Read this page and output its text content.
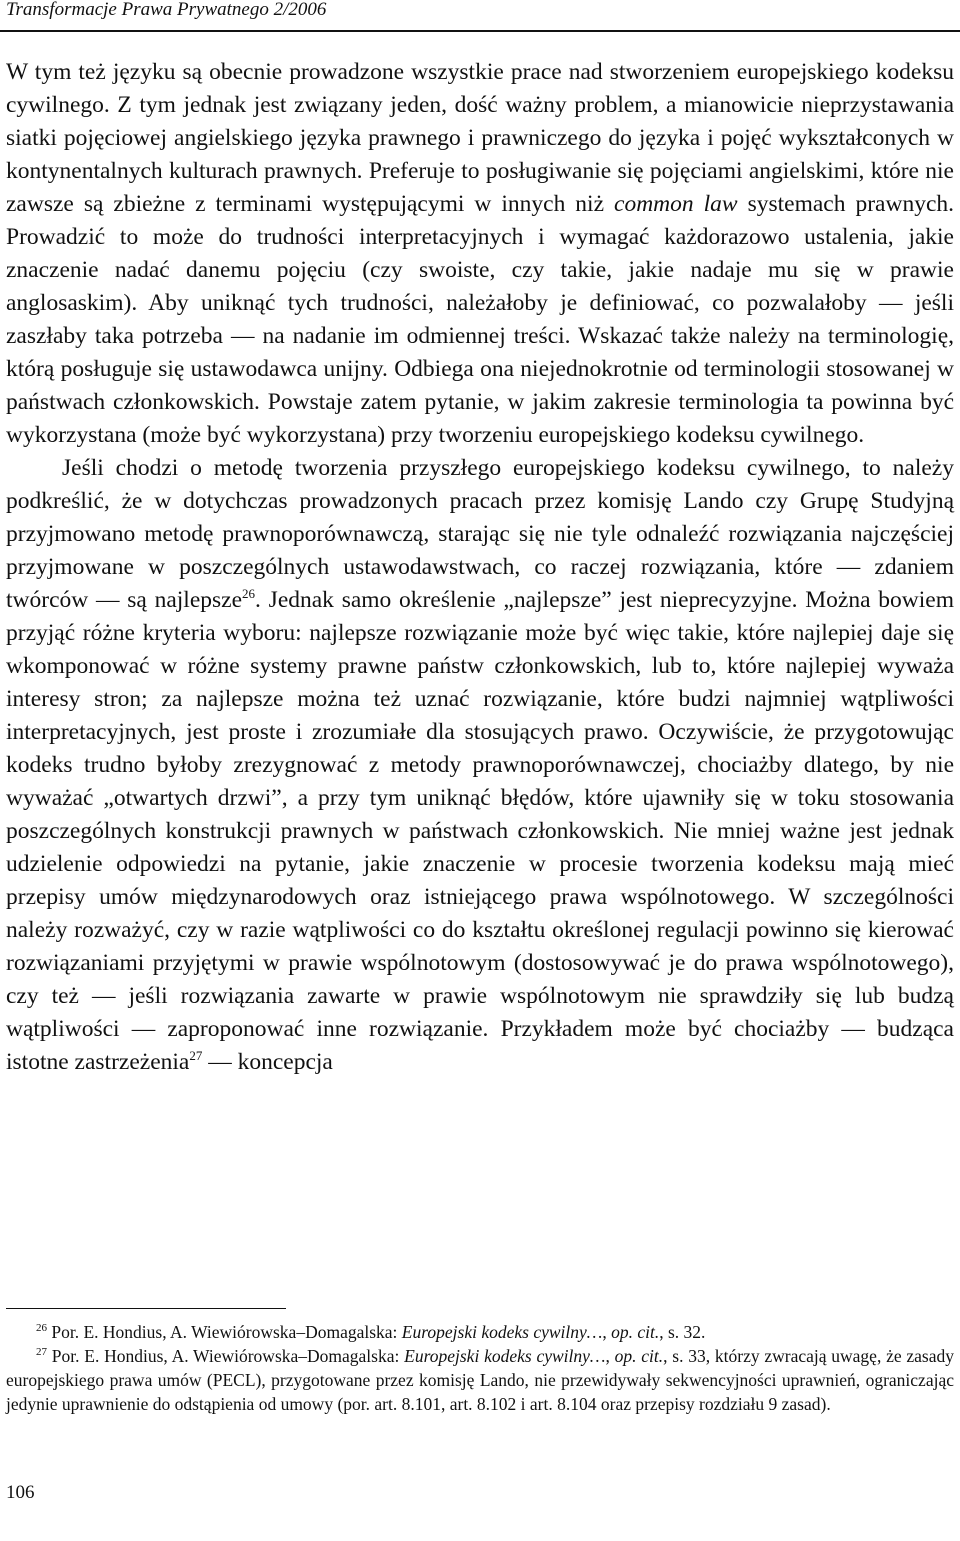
Transformacje Prawa Prywatnego 2/2006

W tym też języku są obecnie prowadzone wszystkie prace nad stworzeniem europejskiego kodeksu cywilnego. Z tym jednak jest związany jeden, dość ważny problem, a mianowicie nieprzystawania siatki pojęciowej angielskiego języka prawnego i prawniczego do języka i pojęć wykształconych w kontynentalnych kulturach prawnych. Preferuje to posługiwanie się pojęciami angielskimi, które nie zawsze są zbieżne z terminami występującymi w innych niż common law systemach prawnych. Prowadzić to może do trudności interpretacyjnych i wymagać każdorazowo ustalenia, jakie znaczenie nadać danemu pojęciu (czy swoiste, czy takie, jakie nadaje mu się w prawie anglosaskim). Aby uniknąć tych trudności, należałoby je definiować, co pozwalałoby — jeśli zaszłaby taka potrzeba — na nadanie im odmiennej treści. Wskazać także należy na terminologię, którą posługuje się ustawodawca unijny. Odbiega ona niejednokrotnie od terminologii stosowanej w państwach członkowskich. Powstaje zatem pytanie, w jakim zakresie terminologia ta powinna być wykorzystana (może być wykorzystana) przy tworzeniu europejskiego kodeksu cywilnego.

Jeśli chodzi o metodę tworzenia przyszłego europejskiego kodeksu cywilnego, to należy podkreślić, że w dotychczas prowadzonych pracach przez komisję Lando czy Grupę Studyjną przyjmowano metodę prawnoporównawczą, starając się nie tyle odnaleźć rozwiązania najczęściej przyjmowane w poszczególnych ustawodawstwach, co raczej rozwiązania, które — zdaniem twórców — są najlepsze$^{26}$. Jednak samo określenie „najlepsze” jest nieprecyzyjne. Można bowiem przyjąć różne kryteria wyboru: najlepsze rozwiązanie może być więc takie, które najlepiej daje się wkomponować w różne systemy prawne państw członkowskich, lub to, które najlepiej wyważa interesy stron; za najlepsze można też uznać rozwiązanie, które budzi najmniej wątpliwości interpretacyjnych, jest proste i zrozumiałe dla stosujących prawo. Oczywiście, że przygotowując kodeks trudno byłoby zrezygnować z metody prawnoporównawczej, chociażby dlatego, by nie wyważać „otwartych drzwi”, a przy tym uniknąć błędów, które ujawniły się w toku stosowania poszczególnych konstrukcji prawnych w państwach członkowskich. Nie mniej ważne jest jednak udzielenie odpowiedzi na pytanie, jakie znaczenie w procesie tworzenia kodeksu mają mieć przepisy umów międzynarodowych oraz istniejącego prawa wspólnotowego. W szczególności należy rozważyć, czy w razie wątpliwości co do kształtu określonej regulacji powinno się kierować rozwiązaniami przyjętymi w prawie wspólnotowym (dostosowywać je do prawa wspólnotowego), czy też — jeśli rozwiązania zawarte w prawie wspólnotowym nie sprawdziły się lub budzą wątpliwości — zaproponować inne rozwiązanie. Przykładem może być chociażby — budząca istotne zastrzeżenia$^{27}$ — koncepcja

$^{26}$ Por. E. Hondius, A. Wiewiórowska–Domagalska: Europejski kodeks cywilny…, op. cit., s. 32.

$^{27}$ Por. E. Hondius, A. Wiewiórowska–Domagalska: Europejski kodeks cywilny…, op. cit., s. 33, którzy zwracają uwagę, że zasady europejskiego prawa umów (PECL), przygotowane przez komisję Lando, nie przewidywały sekwencyjności uprawnień, ograniczając jedynie uprawnienie do odstąpienia od umowy (por. art. 8.101, art. 8.102 i art. 8.104 oraz przepisy rozdziału 9 zasad).

106
